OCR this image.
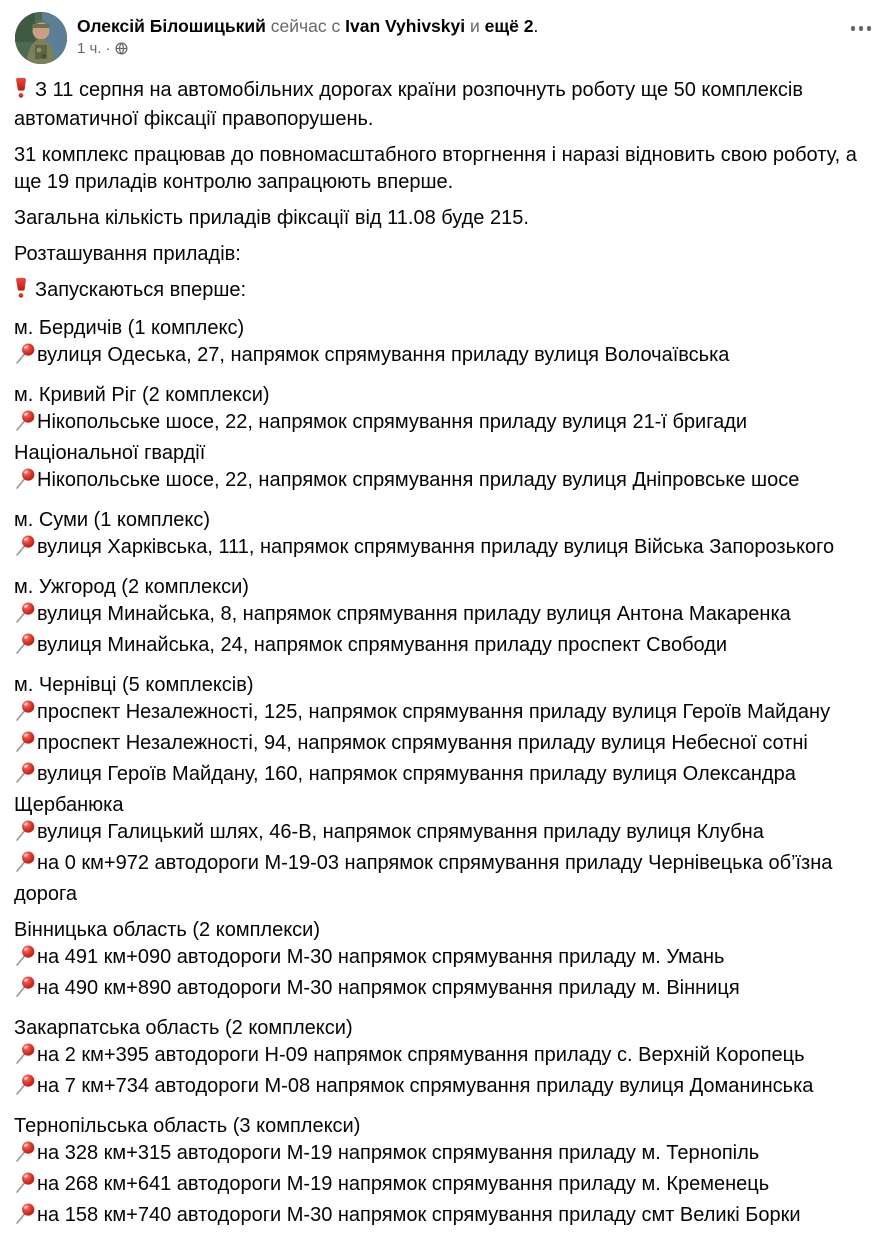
Олексій Білошицький сейчас с Ivan Vyhivskyi и ещё 2.
1 ч. ·
З 11 серпня на автомобільних дорогах країни розпочнуть роботу ще 50 комплексів автоматичної фіксації правопорушень.
31 комплекс працював до повномасштабного вторгнення і наразі відновить свою роботу, а ще 19 приладів контролю запрацюють вперше.
Загальна кількість приладів фіксації від 11.08 буде 215.
Розташування приладів:
Запускаються вперше:
м. Бердичів (1 комплекс)
вулиця Одеська, 27, напрямок спрямування приладу вулиця Волочаївська
м. Кривий Ріг (2 комплекси)
Нікопольське шосе, 22, напрямок спрямування приладу вулиця 21-ї бригади Національної гвардії
Нікопольське шосе, 22, напрямок спрямування приладу вулиця Дніпровське шосе
м. Суми (1 комплекс)
вулиця Харківська, 111, напрямок спрямування приладу вулиця Війська Запорозького
м. Ужгород (2 комплекси)
вулиця Минайська, 8, напрямок спрямування приладу вулиця Антона Макаренка
вулиця Минайська, 24, напрямок спрямування приладу проспект Свободи
м. Чернівці (5 комплексів)
проспект Незалежності, 125, напрямок спрямування приладу вулиця Героїв Майдану
проспект Незалежності, 94, напрямок спрямування приладу вулиця Небесної сотні
вулиця Героїв Майдану, 160, напрямок спрямування приладу вулиця Олександра Щербанюка
вулиця Галицький шлях, 46-В, напрямок спрямування приладу вулиця Клубна
на 0 км+972 автодороги М-19-03 напрямок спрямування приладу Чернівецька об’їзна дорога
Вінницька область (2 комплекси)
на 491 км+090 автодороги М-30 напрямок спрямування приладу м. Умань
на 490 км+890 автодороги М-30 напрямок спрямування приладу м. Вінниця
Закарпатська область (2 комплекси)
на 2 км+395 автодороги Н-09 напрямок спрямування приладу с. Верхній Коропець
на 7 км+734 автодороги М-08 напрямок спрямування приладу вулиця Доманинська
Тернопільська область (3 комплекси)
на 328 км+315 автодороги М-19 напрямок спрямування приладу м. Тернопіль
на 268 км+641 автодороги М-19 напрямок спрямування приладу м. Кременець
на 158 км+740 автодороги М-30 напрямок спрямування приладу смт Великі Борки
